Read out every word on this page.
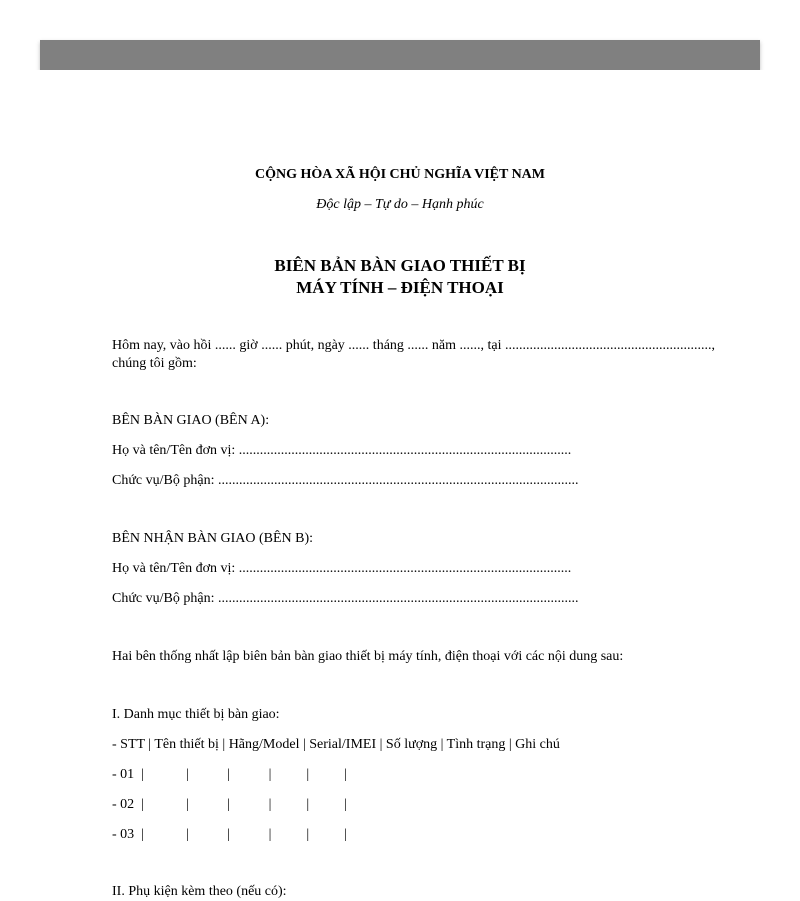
CỘNG HÒA XÃ HỘI CHỦ NGHĨA VIỆT NAM
Độc lập – Tự do – Hạnh phúc
BIÊN BẢN BÀN GIAO THIẾT BỊ
MÁY TÍNH – ĐIỆN THOẠI
Hôm nay, vào hồi ...... giờ ...... phút, ngày ...... tháng ...... năm ......, tại ...........................................................,
chúng tôi gồm:
BÊN BÀN GIAO (BÊN A):
Họ và tên/Tên đơn vị: ...............................................................................................
Chức vụ/Bộ phận: .......................................................................................................
BÊN NHẬN BÀN GIAO (BÊN B):
Họ và tên/Tên đơn vị: ...............................................................................................
Chức vụ/Bộ phận: .......................................................................................................
Hai bên thống nhất lập biên bản bàn giao thiết bị máy tính, điện thoại với các nội dung sau:
I. Danh mục thiết bị bàn giao:
- STT | Tên thiết bị | Hãng/Model | Serial/IMEI | Số lượng | Tình trạng | Ghi chú
- 01  |            |           |           |          |          |
- 02  |            |           |           |          |          |
- 03  |            |           |           |          |          |
II. Phụ kiện kèm theo (nếu có):
